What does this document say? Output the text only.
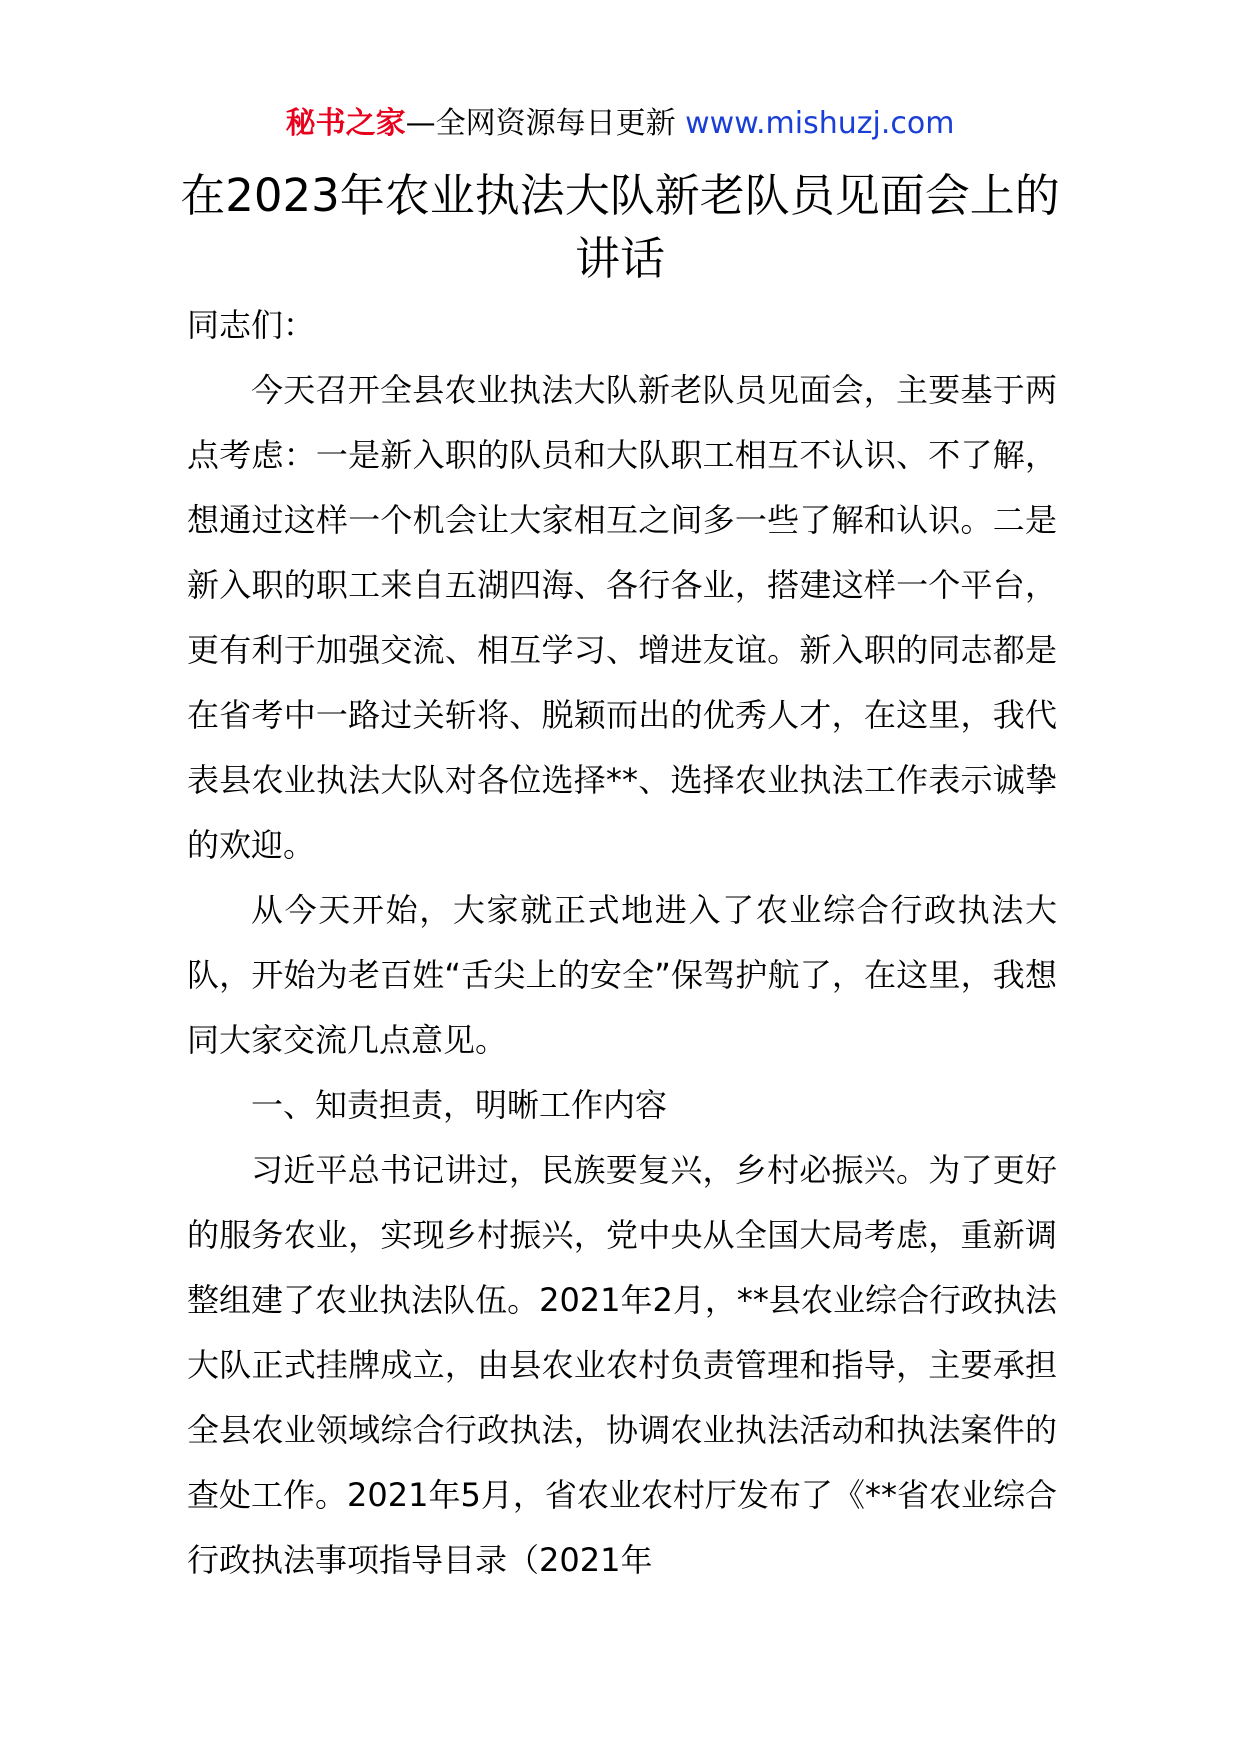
秘书之家—全网资源每日更新 www.mishuzj.com
在2023年农业执法大队新老队员见面会上的讲话

同志们：

今天召开全县农业执法大队新老队员见面会，主要基于两点考虑：一是新入职的队员和大队职工相互不认识、不了解，想通过这样一个机会让大家相互之间多一些了解和认识。二是新入职的职工来自五湖四海、各行各业，搭建这样一个平台，更有利于加强交流、相互学习、增进友谊。新入职的同志都是在省考中一路过关斩将、脱颖而出的优秀人才，在这里，我代表县农业执法大队对各位选择**、选择农业执法工作表示诚挚的欢迎。

从今天开始，大家就正式地进入了农业综合行政执法大队，开始为老百姓“舌尖上的安全”保驾护航了，在这里，我想同大家交流几点意见。

一、知责担责，明晰工作内容

习近平总书记讲过，民族要复兴，乡村必振兴。为了更好的服务农业，实现乡村振兴，党中央从全国大局考虑，重新调整组建了农业执法队伍。2021年2月，**县农业综合行政执法大队正式挂牌成立，由县农业农村负责管理和指导，主要承担全县农业领域综合行政执法，协调农业执法活动和执法案件的查处工作。2021年5月，省农业农村厅发布了《**省农业综合行政执法事项指导目录（2021年
